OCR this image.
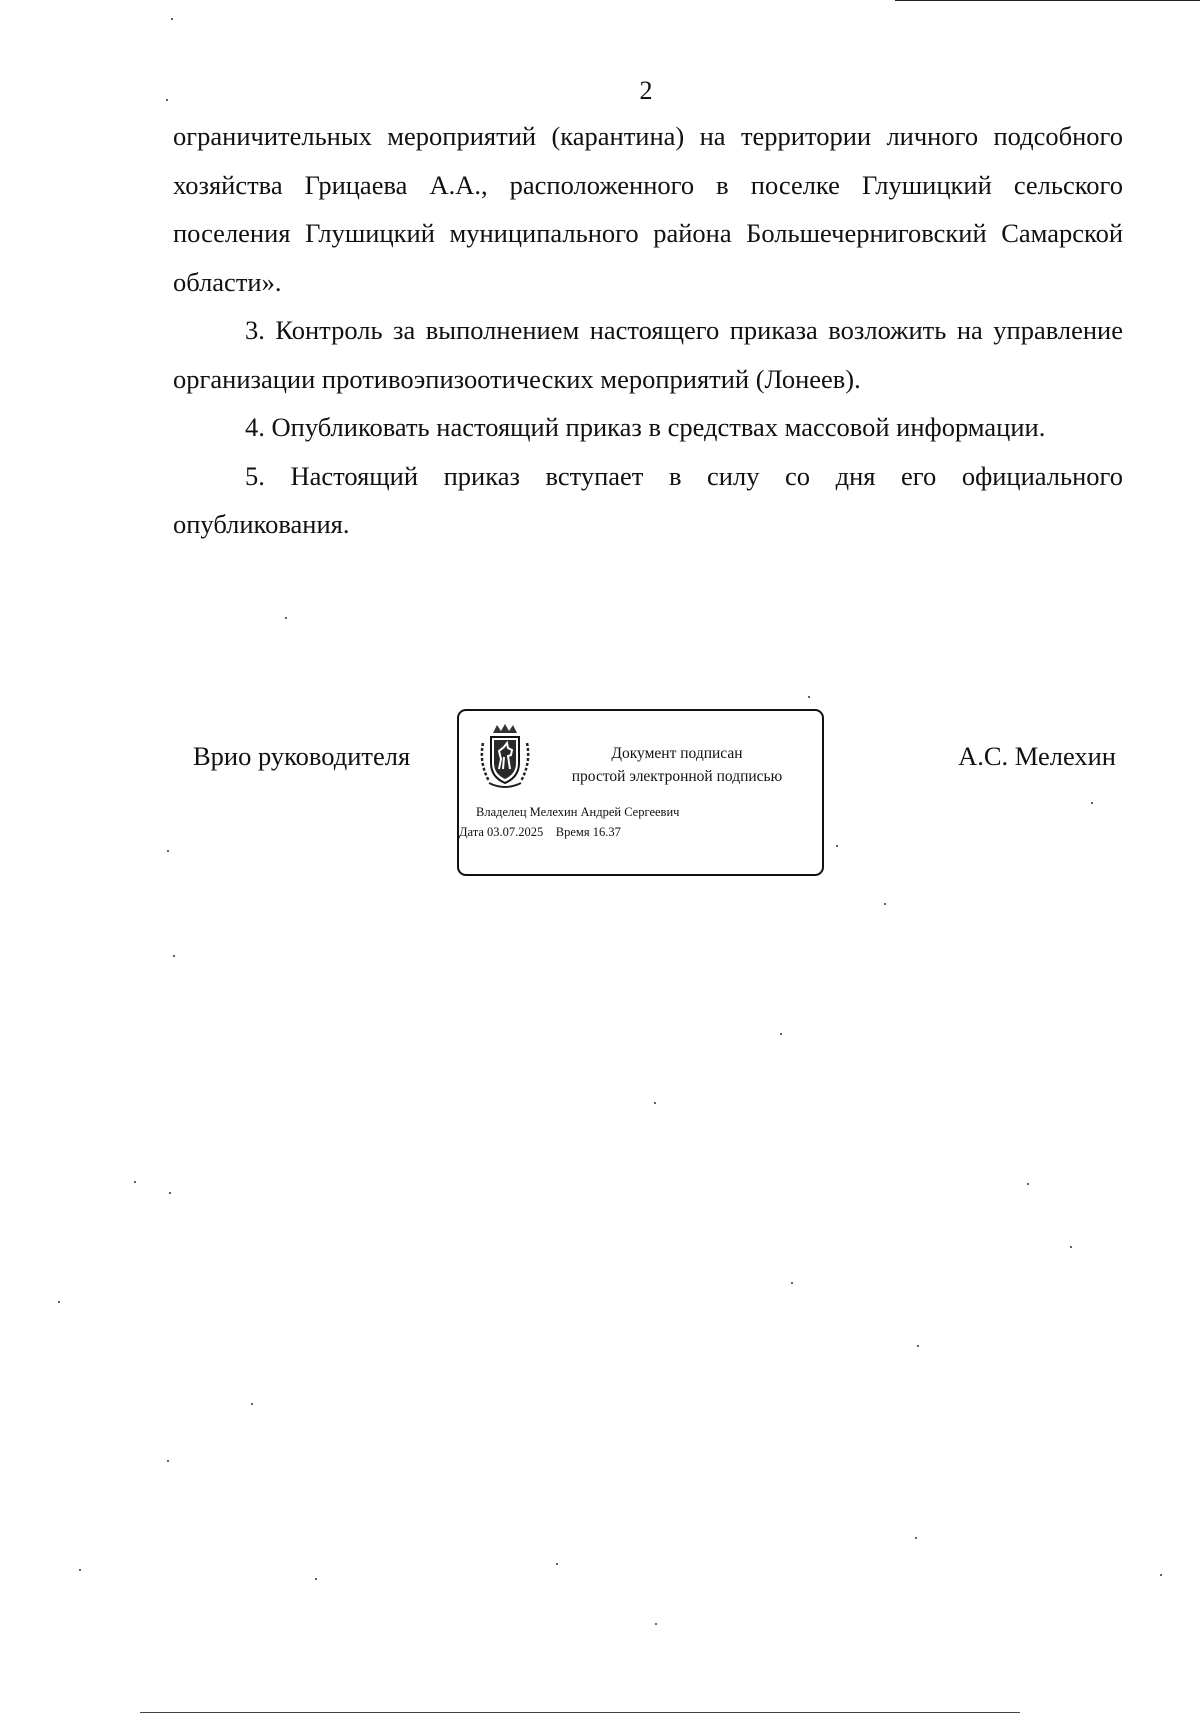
2

ограничительных мероприятий (карантина) на территории личного подсобного хозяйства Грицаева А.А., расположенного в поселке Глушицкий сельского поселения Глушицкий муниципального района Большечерниговский Самарской области».

3. Контроль за выполнением настоящего приказа возложить на управление организации противоэпизоотических мероприятий (Лонеев).

4. Опубликовать настоящий приказ в средствах массовой информации.

5. Настоящий приказ вступает в силу со дня его официального опубликования.

Врио руководителя	Документ подписан
простой электронной подписью
Владелец Мелехин Андрей Сергеевич
Дата 03.07.2025    Время 16.37
А.С. Мелехин
